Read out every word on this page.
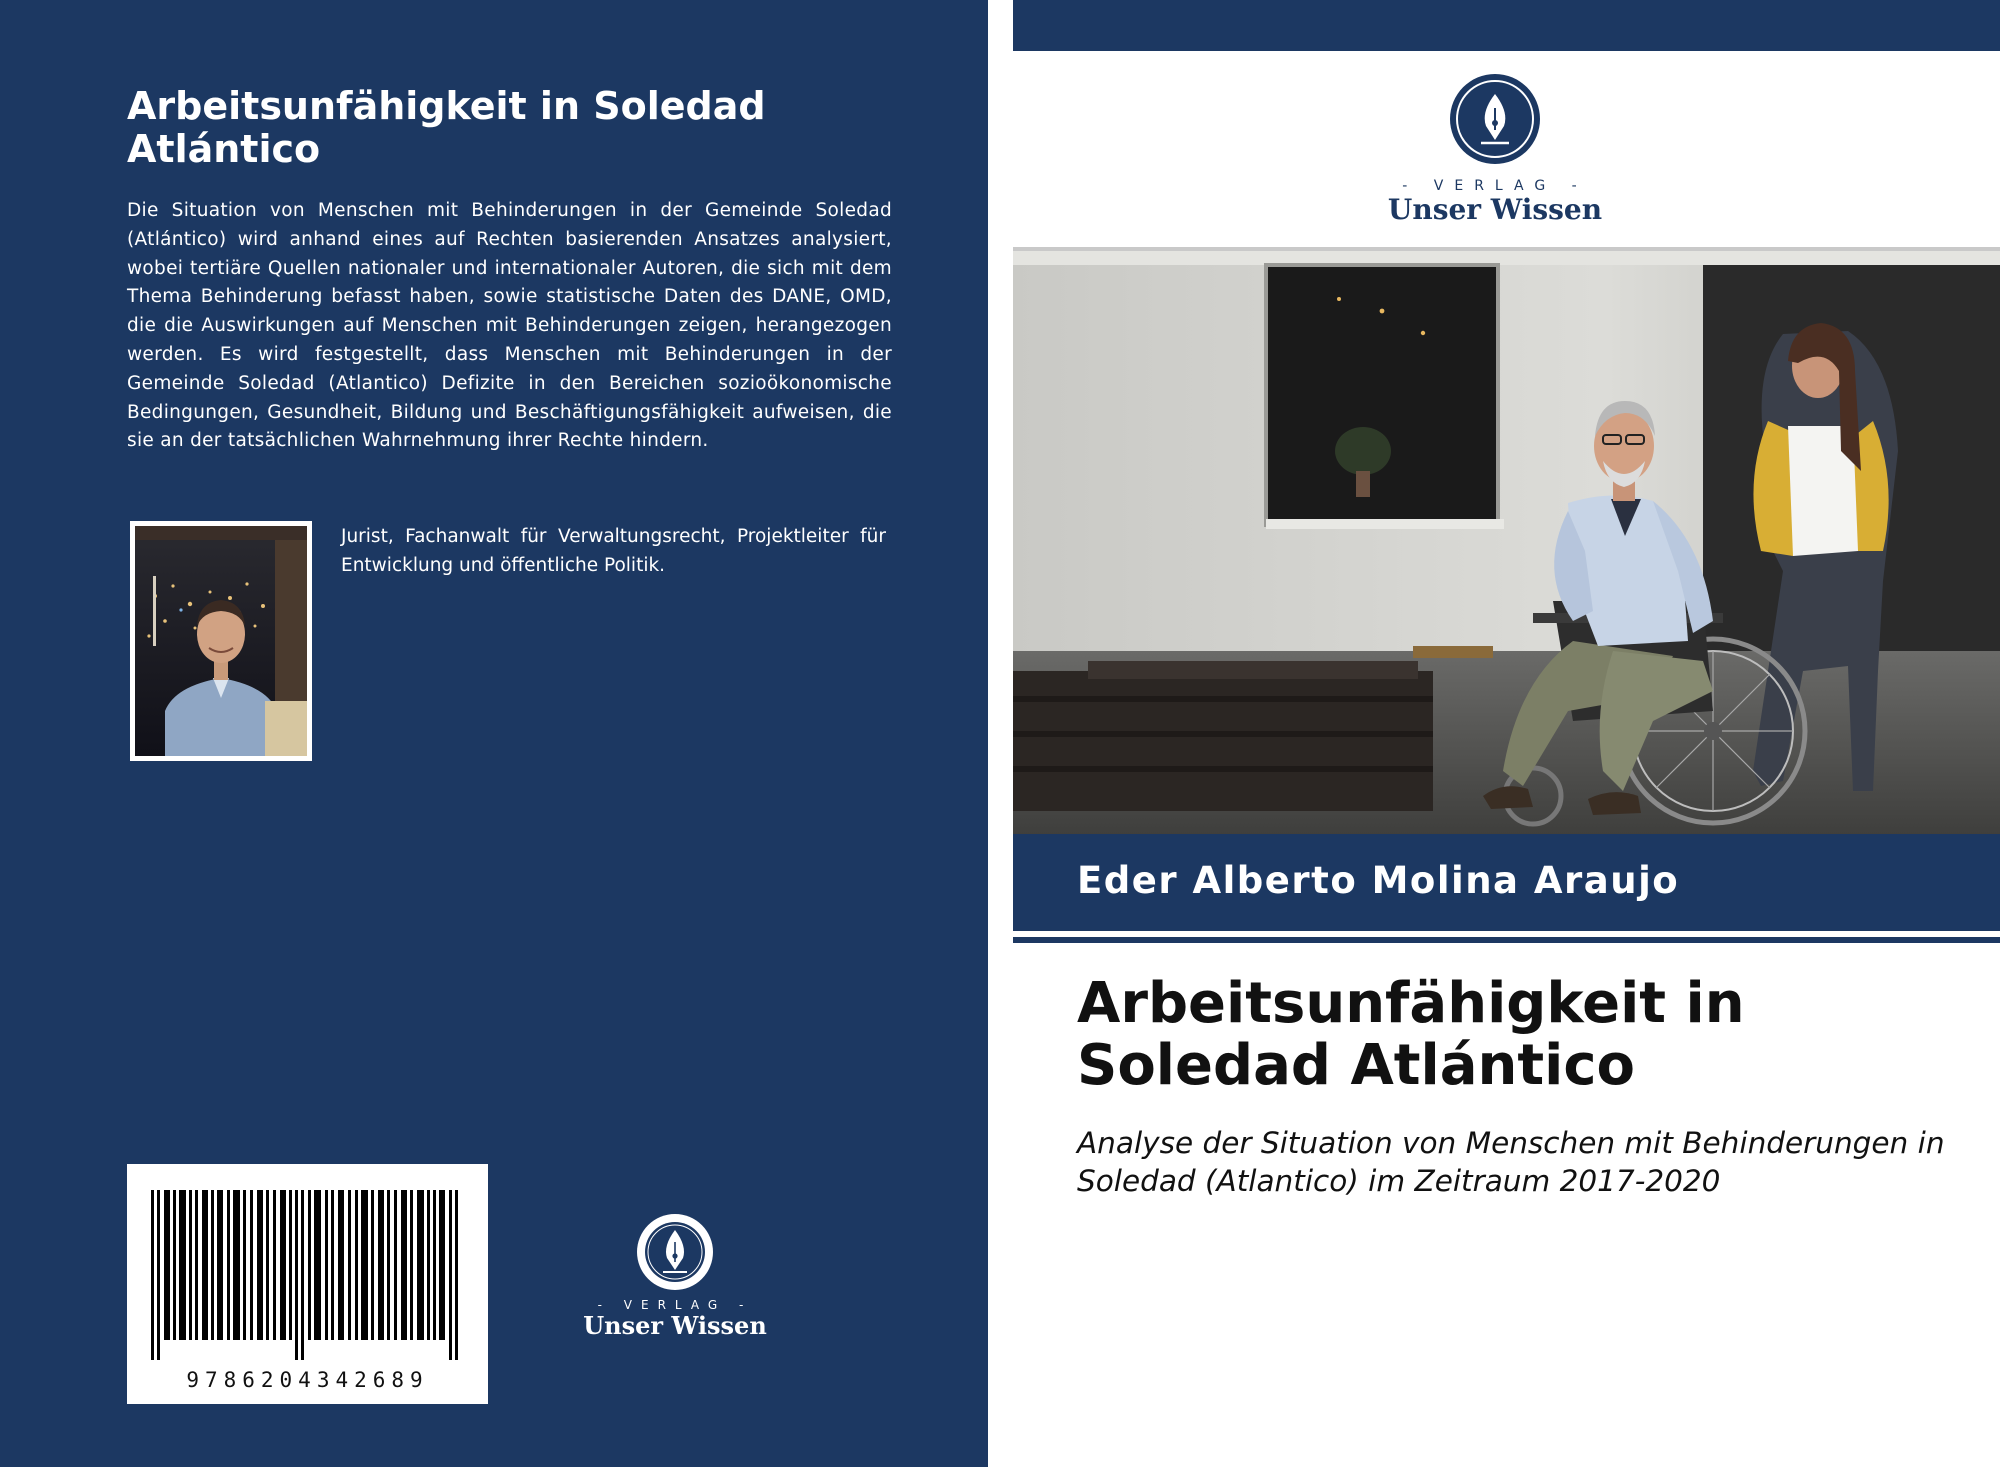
Arbeitsunfähigkeit in Soledad Atlántico
Die Situation von Menschen mit Behinderungen in der Gemeinde Soledad (Atlántico) wird anhand eines auf Rechten basierenden Ansatzes analysiert, wobei tertiäre Quellen nationaler und internationaler Autoren, die sich mit dem Thema Behinderung befasst haben, sowie statistische Daten des DANE, OMD, die die Auswirkungen auf Menschen mit Behinderungen zeigen, herangezogen werden. Es wird festgestellt, dass Menschen mit Behinderungen in der Gemeinde Soledad (Atlantico) Defizite in den Bereichen sozioökonomische Bedingungen, Gesundheit, Bildung und Beschäftigungsfähigkeit aufweisen, die sie an der tatsächlichen Wahrnehmung ihrer Rechte hindern.
Jurist, Fachanwalt für Verwaltungsrecht, Projektleiter für Entwicklung und öffentliche Politik.
9786204342689
- VERLAG -
Unser Wissen
- VERLAG -
Unser Wissen
Eder Alberto Molina Araujo
Arbeitsunfähigkeit in Soledad Atlántico
Analyse der Situation von Menschen mit Behinderungen in Soledad (Atlantico) im Zeitraum 2017-2020
